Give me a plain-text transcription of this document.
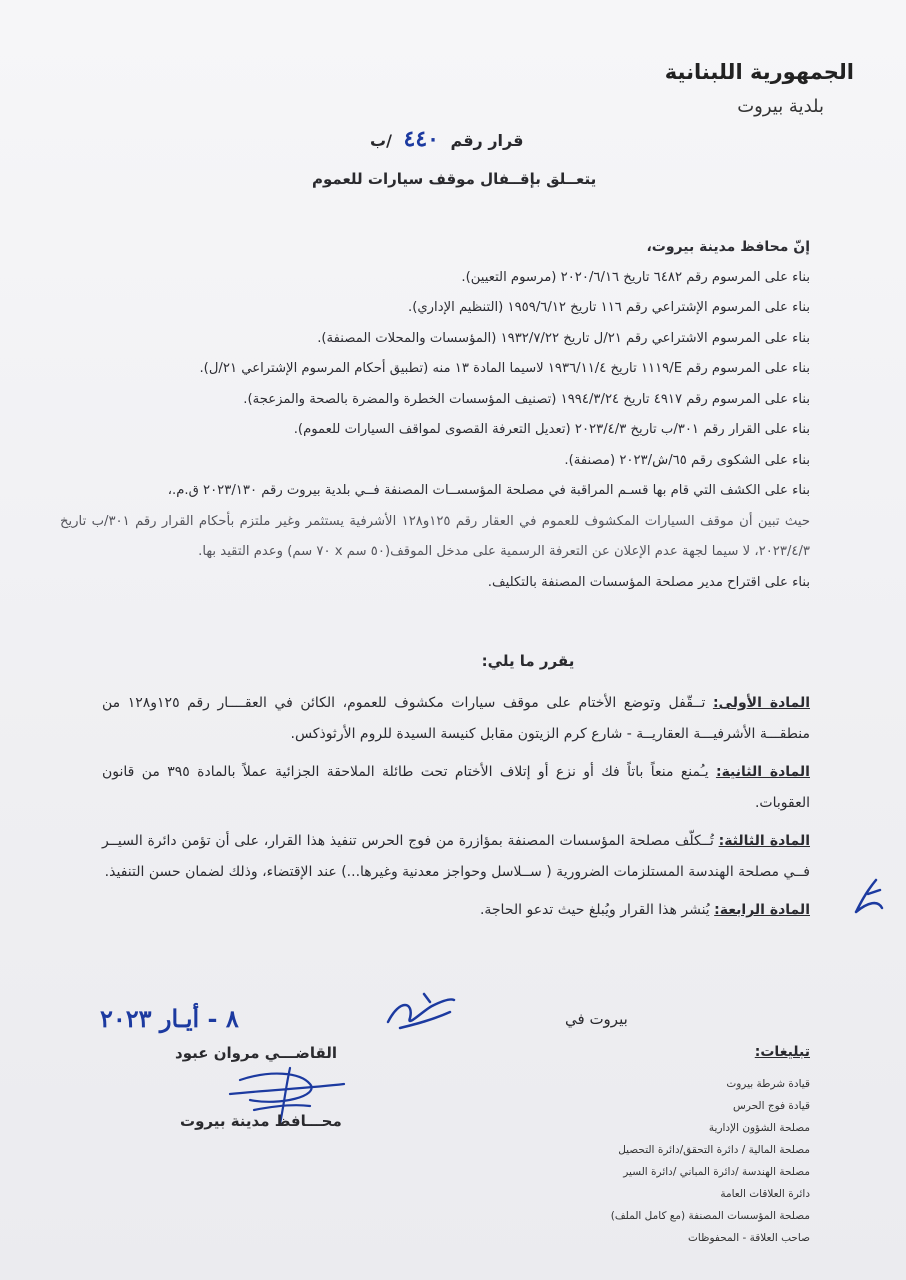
الجمهورية اللبنانية
بلدية بيروت
قرار رقم ٤٤٠ /ب
يتعــلق بإقــفال موقف سيارات للعموم

إنّ محافظ مدينة بيروت،

بناء على المرسوم رقم ٦٤٨٢ تاريخ ٢٠٢٠/٦/١٦ (مرسوم التعيين).

بناء على المرسوم الإشتراعي رقم ١١٦ تاريخ ١٩٥٩/٦/١٢ (التنظيم الإداري).

بناء على المرسوم الاشتراعي رقم ٢١/ل تاريخ ١٩٣٢/٧/٢٢ (المؤسسات والمحلات المصنفة).

بناء على المرسوم رقم E/١١١٩ تاريخ ١٩٣٦/١١/٤ لاسيما المادة ١٣ منه (تطبيق أحكام المرسوم الإشتراعي ٢١/ل).

بناء على المرسوم رقم ٤٩١٧ تاريخ ١٩٩٤/٣/٢٤ (تصنيف المؤسسات الخطرة والمضرة بالصحة والمزعجة).

بناء على القرار رقم ٣٠١/ب تاريخ ٢٠٢٣/٤/٣ (تعديل التعرفة القصوى لمواقف السيارات للعموم).

بناء على الشكوى رقم ٦٥/ش/٢٠٢٣ (مصنفة).

بناء على الكشف التي قام بها قسـم المراقبة في مصلحة المؤسســات المصنفة فــي بلدية بيروت رقم ٢٠٢٣/١٣٠ ق.م.،

حيث تبين أن موقف السيارات المكشوف للعموم في العقار رقم ١٢٥و١٢٨ الأشرفية يستثمر وغير ملتزم بأحكام القرار رقم ٣٠١/ب تاريخ ٢٠٢٣/٤/٣، لا سيما لجهة عدم الإعلان عن التعرفة الرسمية على مدخل الموقف(٥٠ سم x ٧٠ سم) وعدم التقيد بها.

بناء على اقتراح مدير مصلحة المؤسسات المصنفة بالتكليف.

يقرر ما يلي:

المادة الأولى: تــقّفل وتوضع الأختام على موقف سيارات مكشوف للعموم، الكائن في العقــــار رقم ١٢٥و١٢٨ من منطقـــة الأشرفيـــة العقاريــة - شارع كرم الزيتون مقابل كنيسة السيدة للروم الأرثوذكس.

المادة الثانية: يـُمنع منعاً باتاً فك أو نزع أو إتلاف الأختام تحت طائلة الملاحقة الجزائية عملاً بالمادة ٣٩٥ من قانون العقوبات.

المادة الثالثة: تُــكلّف مصلحة المؤسسات المصنفة بمؤازرة من فوج الحرس تنفيذ هذا القرار، على أن تؤمن دائرة السيــر فــي مصلحة الهندسة المستلزمات الضرورية ( ســلاسل وحواجز معدنية وغيرها...) عند الإقتضاء، وذلك لضمان حسن التنفيذ.

المادة الرابعة: يُنشر هذا القرار ويُبلغ حيث تدعو الحاجة.

بيروت في
٨ - أيـار ٢٠٢٣
القاضـــي مروان عبود
محـــافظ مدينة بيروت
تبليغات:
قيادة شرطة بيروت
قيادة فوج الحرس
مصلحة الشؤون الإدارية
مصلحة المالية / دائرة التحقق/دائرة التحصيل
مصلحة الهندسة /دائرة المباني /دائرة السير
دائرة العلاقات العامة
مصلحة المؤسسات المصنفة (مع كامل الملف)
صاحب العلاقة - المحفوظات
